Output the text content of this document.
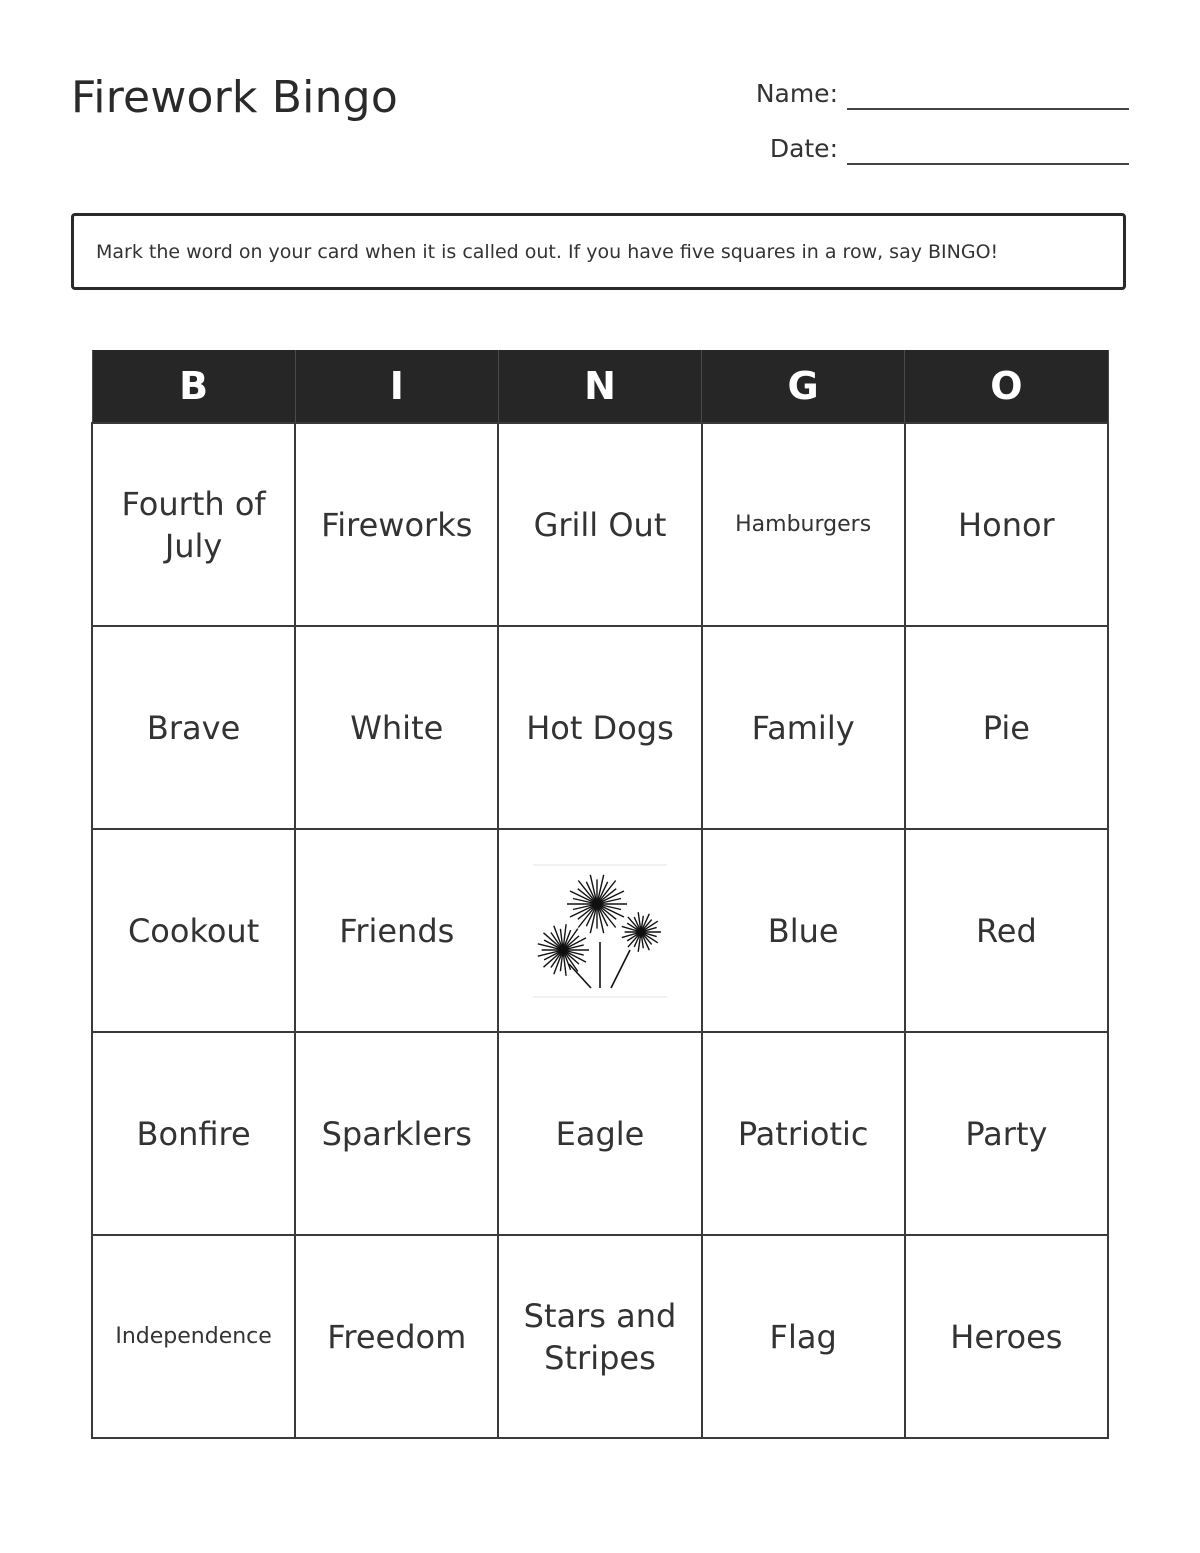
Firework Bingo	Name:
Date:
Mark the word on your card when it is called out. If you have five squares in a row, say BINGO!
B	I	N	G	O
Fourth of July	Fireworks	Grill Out	Hamburgers	Honor
Brave	White	Hot Dogs	Family	Pie
Cookout	Friends		Blue	Red
Bonfire	Sparklers	Eagle	Patriotic	Party
Independence	Freedom	Stars and Stripes	Flag	Heroes
